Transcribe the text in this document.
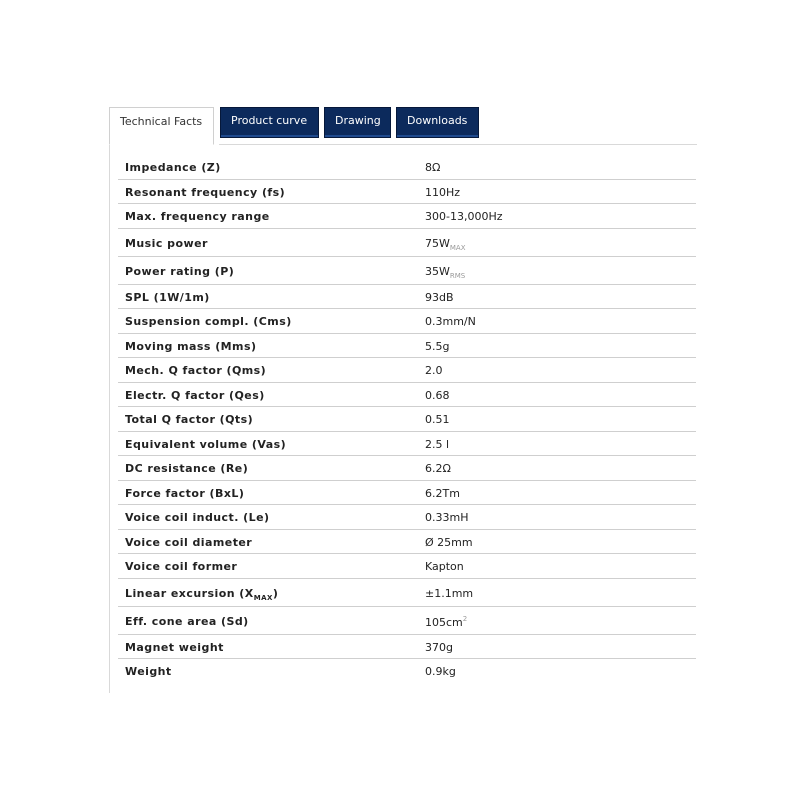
Technical Facts	Product curve	Drawing	Downloads
Impedance (Z)	8Ω
Resonant frequency (fs)	110Hz
Max. frequency range	300-13,000Hz
Music power	$75W_{MAX}$
Power rating (P)	$35W_{RMS}$
SPL (1W/1m)	93dB
Suspension compl. (Cms)	0.3mm/N
Moving mass (Mms)	5.5g
Mech. Q factor (Qms)	2.0
Electr. Q factor (Qes)	0.68
Total Q factor (Qts)	0.51
Equivalent volume (Vas)	2.5 l
DC resistance (Re)	6.2Ω
Force factor (BxL)	6.2Tm
Voice coil induct. (Le)	0.33mH
Voice coil diameter	Ø 25mm
Voice coil former	Kapton
Linear excursion $(X_{MAX})$	±1.1mm
Eff. cone area (Sd)	$105cm^2$
Magnet weight	370g
Weight	0.9kg
